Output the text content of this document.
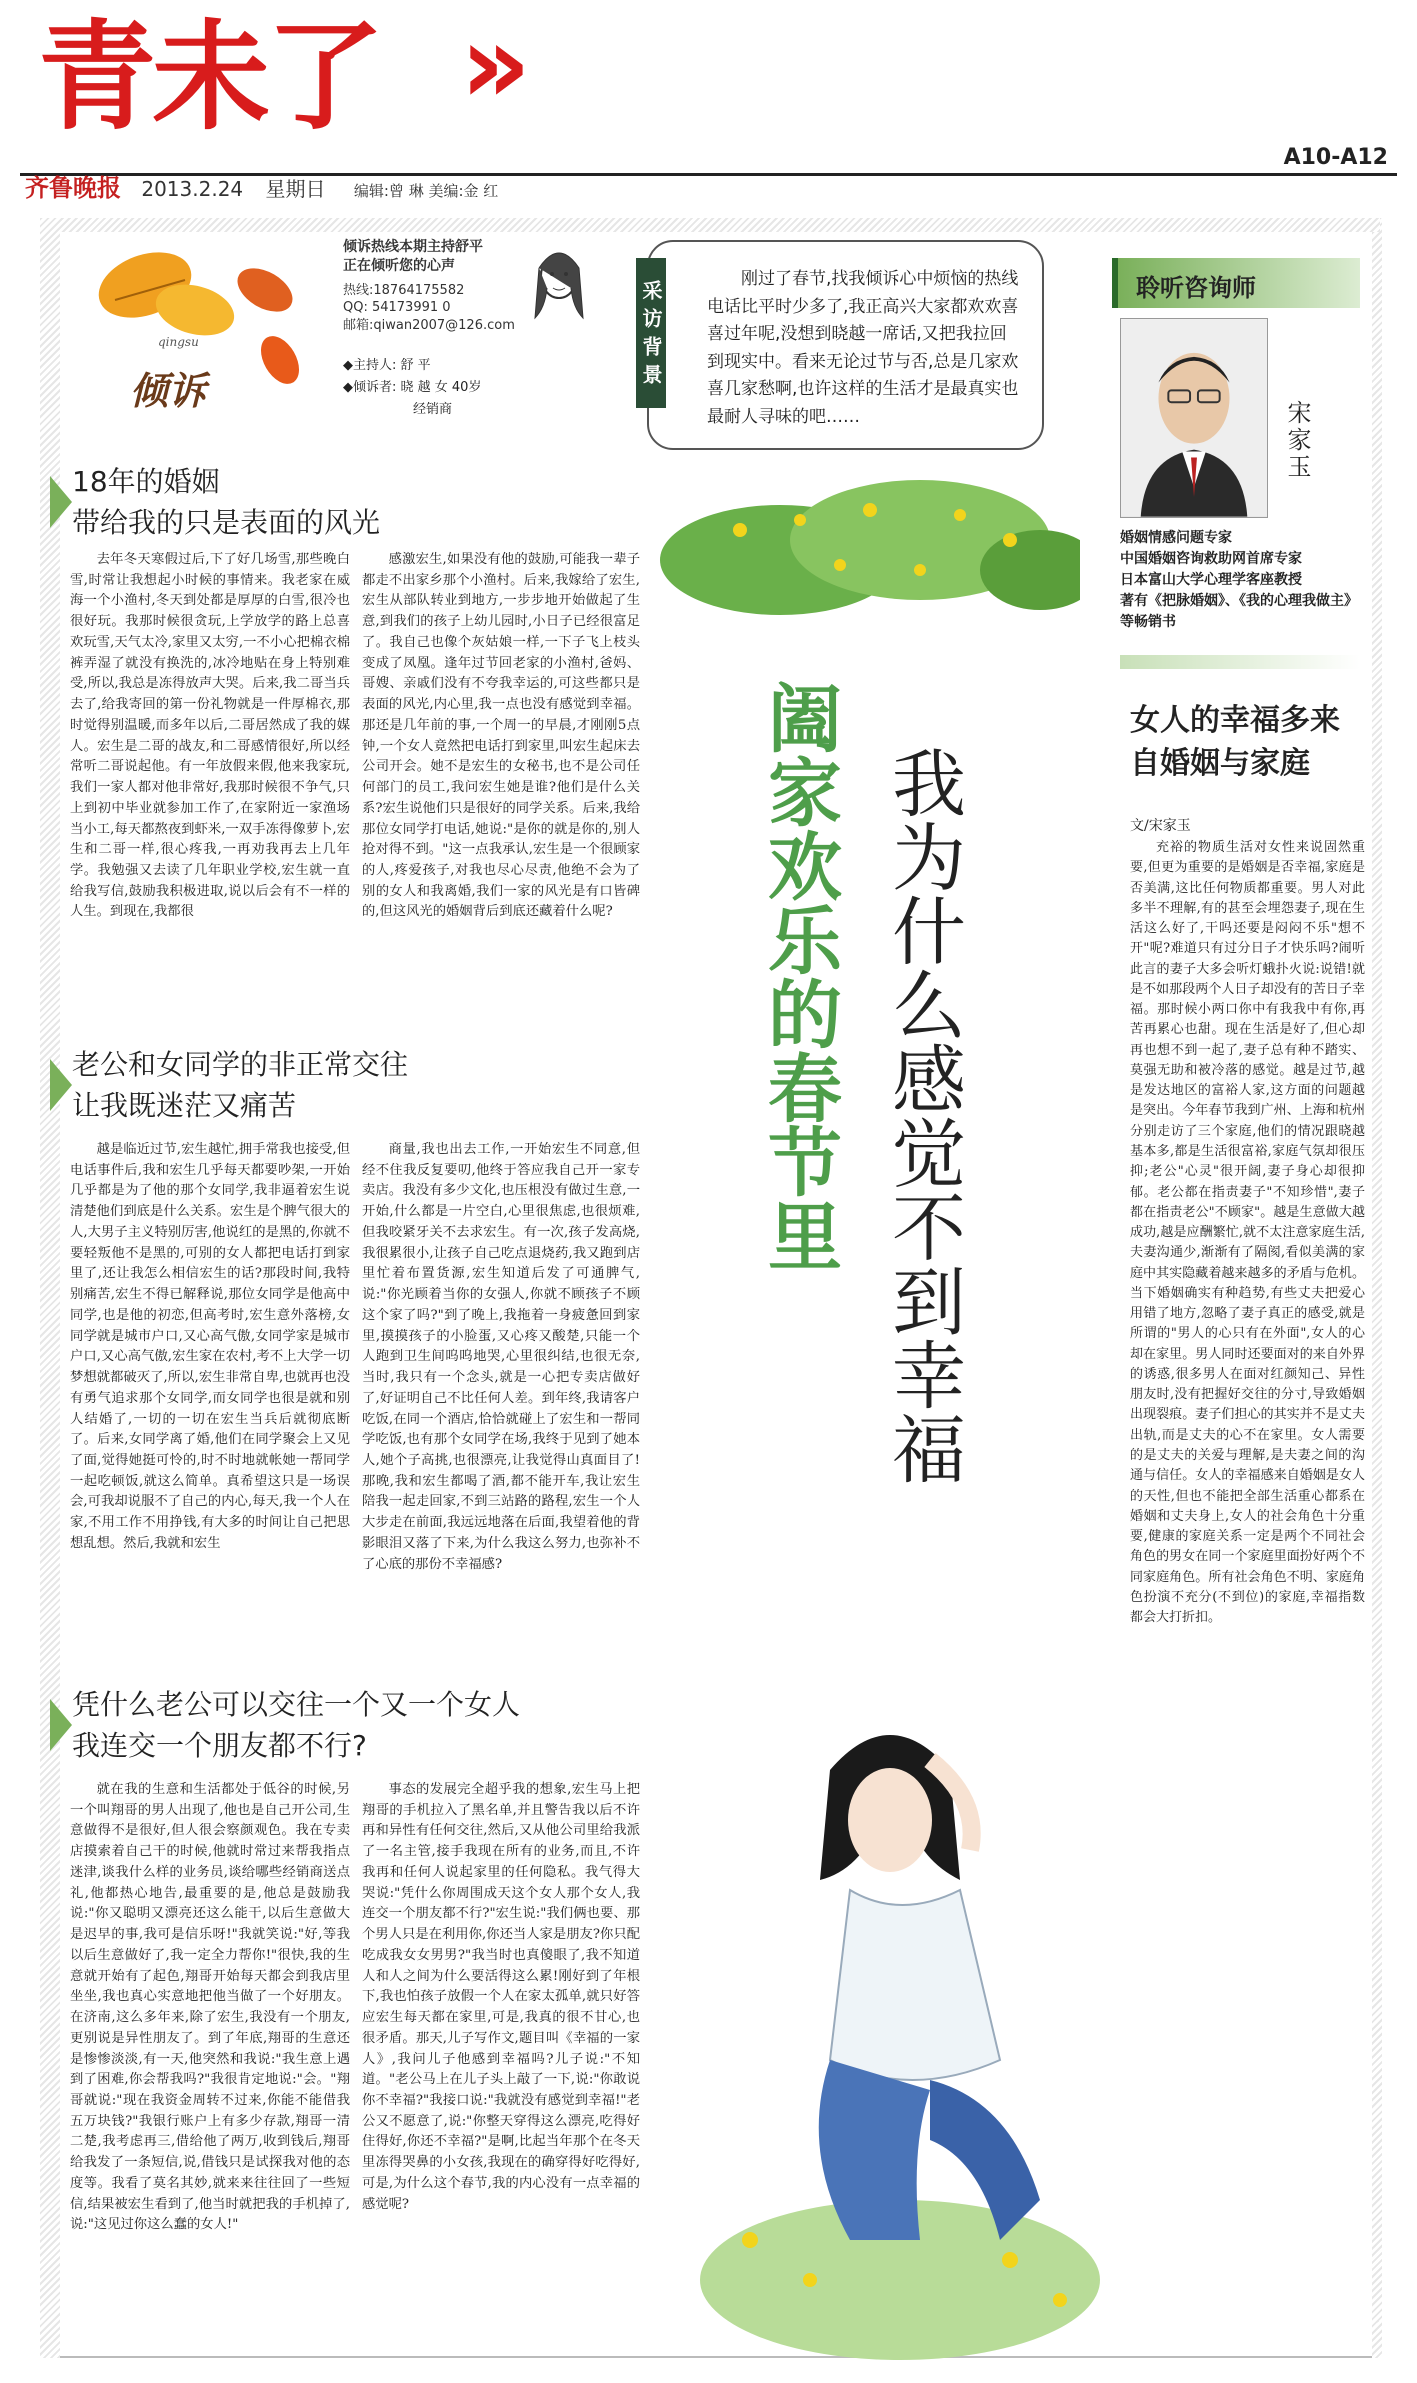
青未了 »
A10-A12
齐鲁晚报 2013.2.24 星期日 编辑:曾 琳 美编:金 红
qingsu
倾诉
倾诉热线本期主持舒平
正在倾听您的心声
热线:18764175582
QQ: 54173991 0
邮箱:qiwan2007@126.com
◆主持人: 舒 平
◆倾诉者: 晓 越 女 40岁
经销商
刚过了春节,找我倾诉心中烦恼的热线电话比平时少多了,我正高兴大家都欢欢喜喜过年呢,没想到晓越一席话,又把我拉回到现实中。看来无论过节与否,总是几家欢喜几家愁啊,也许这样的生活才是最真实也最耐人寻味的吧……
采访背景
18年的婚姻
带给我的只是表面的风光
去年冬天寒假过后,下了好几场雪,那些晚白雪,时常让我想起小时候的事情来。我老家在威海一个小渔村,冬天到处都是厚厚的白雪,很冷也很好玩。我那时候很贪玩,上学放学的路上总喜欢玩雪,天气太冷,家里又太穷,一不小心把棉衣棉裤弄湿了就没有换洗的,冰冷地贴在身上特别难受,所以,我总是冻得放声大哭。后来,我二哥当兵去了,给我寄回的第一份礼物就是一件厚棉衣,那时觉得别温暖,而多年以后,二哥居然成了我的媒人。宏生是二哥的战友,和二哥感情很好,所以经常听二哥说起他。有一年放假来假,他来我家玩,我们一家人都对他非常好,我那时候很不争气,只上到初中毕业就参加工作了,在家附近一家渔场当小工,每天都熬夜到虾米,一双手冻得像萝卜,宏生和二哥一样,很心疼我,一再劝我再去上几年学。我勉强又去读了几年职业学校,宏生就一直给我写信,鼓励我积极进取,说以后会有不一样的人生。到现在,我都很
感激宏生,如果没有他的鼓励,可能我一辈子都走不出家乡那个小渔村。后来,我嫁给了宏生,宏生从部队转业到地方,一步步地开始做起了生意,到我们的孩子上幼儿园时,小日子已经很富足了。我自己也像个灰姑娘一样,一下子飞上枝头变成了凤凰。逢年过节回老家的小渔村,爸妈、哥嫂、亲戚们没有不夸我幸运的,可这些都只是表面的风光,内心里,我一点也没有感觉到幸福。那还是几年前的事,一个周一的早晨,才刚刚5点钟,一个女人竟然把电话打到家里,叫宏生起床去公司开会。她不是宏生的女秘书,也不是公司任何部门的员工,我问宏生她是谁?他们是什么关系?宏生说他们只是很好的同学关系。后来,我给那位女同学打电话,她说:"是你的就是你的,别人抢对得不到。"这一点我承认,宏生是一个很顾家的人,疼爱孩子,对我也尽心尽责,他绝不会为了别的女人和我离婚,我们一家的风光是有口皆碑的,但这风光的婚姻背后到底还藏着什么呢?
老公和女同学的非正常交往
让我既迷茫又痛苦
越是临近过节,宏生越忙,拥手常我也接受,但电话事件后,我和宏生几乎每天都要吵架,一开始几乎都是为了他的那个女同学,我非逼着宏生说清楚他们到底是什么关系。宏生是个脾气很大的人,大男子主义特别厉害,他说红的是黑的,你就不要轻叛他不是黑的,可别的女人都把电话打到家里了,还让我怎么相信宏生的话?那段时间,我特别痛苦,宏生不得已解释说,那位女同学是他高中同学,也是他的初恋,但高考时,宏生意外落榜,女同学就是城市户口,又心高气傲,女同学家是城市户口,又心高气傲,宏生家在农村,考不上大学一切梦想就都破灭了,所以,宏生非常自卑,也就再也没有勇气追求那个女同学,而女同学也很是就和别人结婚了,一切的一切在宏生当兵后就彻底断了。后来,女同学离了婚,他们在同学聚会上又见了面,觉得她挺可怜的,时不时地就帐她一帮同学一起吃顿饭,就这么简单。真希望这只是一场误会,可我却说服不了自己的内心,每天,我一个人在家,不用工作不用挣钱,有大多的时间让自己把思想乱想。然后,我就和宏生
商量,我也出去工作,一开始宏生不同意,但经不住我反复要叨,他终于答应我自己开一家专卖店。我没有多少文化,也压根没有做过生意,一开始,什么都是一片空白,心里很焦虑,也很烦难,但我咬紧牙关不去求宏生。有一次,孩子发高烧,我很累很小,让孩子自己吃点退烧药,我又跑到店里忙着布置货源,宏生知道后发了可通脾气,说:"你光顾着当你的女强人,你就不顾孩子不顾这个家了吗?"到了晚上,我拖着一身疲惫回到家里,摸摸孩子的小脸蛋,又心疼又酸楚,只能一个人跑到卫生间呜呜地哭,心里很纠结,也很无奈,当时,我只有一个念头,就是一心把专卖店做好了,好证明自己不比任何人差。到年终,我请客户吃饭,在同一个酒店,恰恰就碰上了宏生和一帮同学吃饭,也有那个女同学在场,我终于见到了她本人,她个子高挑,也很漂亮,让我觉得山真面目了!那晚,我和宏生都喝了酒,都不能开车,我让宏生陪我一起走回家,不到三站路的路程,宏生一个人大步走在前面,我远远地落在后面,我望着他的背影眼泪又落了下来,为什么我这么努力,也弥补不了心底的那份不幸福感?
凭什么老公可以交往一个又一个女人
我连交一个朋友都不行?
就在我的生意和生活都处于低谷的时候,另一个叫翔哥的男人出现了,他也是自己开公司,生意做得不是很好,但人很会察颜观色。我在专卖店摸索着自己干的时候,他就时常过来帮我指点迷津,谈我什么样的业务员,谈给哪些经销商送点礼,他都热心地告,最重要的是,他总是鼓励我说:"你又聪明又漂亮还这么能干,以后生意做大是迟早的事,我可是信乐呀!"我就笑说:"好,等我以后生意做好了,我一定全力帮你!"很快,我的生意就开始有了起色,翔哥开始每天都会到我店里坐坐,我也真心实意地把他当做了一个好朋友。在济南,这么多年来,除了宏生,我没有一个朋友,更别说是异性朋友了。到了年底,翔哥的生意还是惨惨淡淡,有一天,他突然和我说:"我生意上遇到了困难,你会帮我吗?"我很肯定地说:"会。"翔哥就说:"现在我资金周转不过来,你能不能借我五万块钱?"我银行账户上有多少存款,翔哥一清二楚,我考虑再三,借给他了两万,收到钱后,翔哥给我发了一条短信,说,借钱只是试探我对他的态度等。我看了莫名其妙,就来来往往回了一些短信,结果被宏生看到了,他当时就把我的手机掉了,说:"这见过你这么蠢的女人!"
事态的发展完全超乎我的想象,宏生马上把翔哥的手机拉入了黑名单,并且警告我以后不许再和异性有任何交往,然后,又从他公司里给我派了一名主管,接手我现在所有的业务,而且,不许我再和任何人说起家里的任何隐私。我气得大哭说:"凭什么你周围成天这个女人那个女人,我连交一个朋友都不行?"宏生说:"我们俩也要、那个男人只是在利用你,你还当人家是朋友?你只配吃成我女女男男?"我当时也真傻眼了,我不知道人和人之间为什么要活得这么累!刚好到了年根下,我也怕孩子放假一个人在家太孤单,就只好答应宏生每天都在家里,可是,我真的很不甘心,也很矛盾。那天,儿子写作文,题目叫《幸福的一家人》,我问儿子他感到幸福吗?儿子说:"不知道。"老公马上在儿子头上敲了一下,说:"你敢说你不幸福?"我接口说:"我就没有感觉到幸福!"老公又不愿意了,说:"你整天穿得这么漂亮,吃得好住得好,你还不幸福?"是啊,比起当年那个在冬天里冻得哭鼻的小女孩,我现在的确穿得好吃得好,可是,为什么这个春节,我的内心没有一点幸福的感觉呢?
阖家欢乐的春节里 我为什么感觉不到幸福
聆听咨询师
宋家玉
婚姻情感问题专家
中国婚姻咨询救助网首席专家
日本富山大学心理学客座教授
著有《把脉婚姻》、《我的心理我做主》
等畅销书
女人的幸福多来自婚姻与家庭
文/宋家玉
充裕的物质生活对女性来说固然重要,但更为重要的是婚姻是否幸福,家庭是否美满,这比任何物质都重要。男人对此多半不理解,有的甚至会埋怨妻子,现在生活这么好了,干吗还要是闷闷不乐"想不开"呢?难道只有过分日子才快乐吗?闹听此言的妻子大多会听灯蛾扑火说:说错!就是不如那段两个人日子却没有的苦日子幸福。那时候小两口你中有我我中有你,再苦再累心也甜。现在生活是好了,但心却再也想不到一起了,妻子总有种不踏实、莫强无助和被冷落的感觉。越是过节,越是发达地区的富裕人家,这方面的问题越是突出。今年春节我到广州、上海和杭州分别走访了三个家庭,他们的情况跟晓越基本多,都是生活很富裕,家庭气氛却很压抑;老公"心灵"很开阔,妻子身心却很抑郁。老公都在指责妻子"不知珍惜",妻子都在指责老公"不顾家"。越是生意做大越成功,越是应酬繁忙,就不太注意家庭生活,夫妻沟通少,渐渐有了隔阂,看似美满的家庭中其实隐藏着越来越多的矛盾与危机。当下婚姻确实有种趋势,有些丈夫把爱心用错了地方,忽略了妻子真正的感受,就是所谓的"男人的心只有在外面",女人的心却在家里。男人同时还要面对的来自外界的诱惑,很多男人在面对红颜知己、异性朋友时,没有把握好交往的分寸,导致婚姻出现裂痕。妻子们担心的其实并不是丈夫出轨,而是丈夫的心不在家里。女人需要的是丈夫的关爱与理解,是夫妻之间的沟通与信任。女人的幸福感来自婚姻是女人的天性,但也不能把全部生活重心都系在婚姻和丈夫身上,女人的社会角色十分重要,健康的家庭关系一定是两个不同社会角色的男女在同一个家庭里面扮好两个不同家庭角色。所有社会角色不明、家庭角色扮演不充分(不到位)的家庭,幸福指数都会大打折扣。
